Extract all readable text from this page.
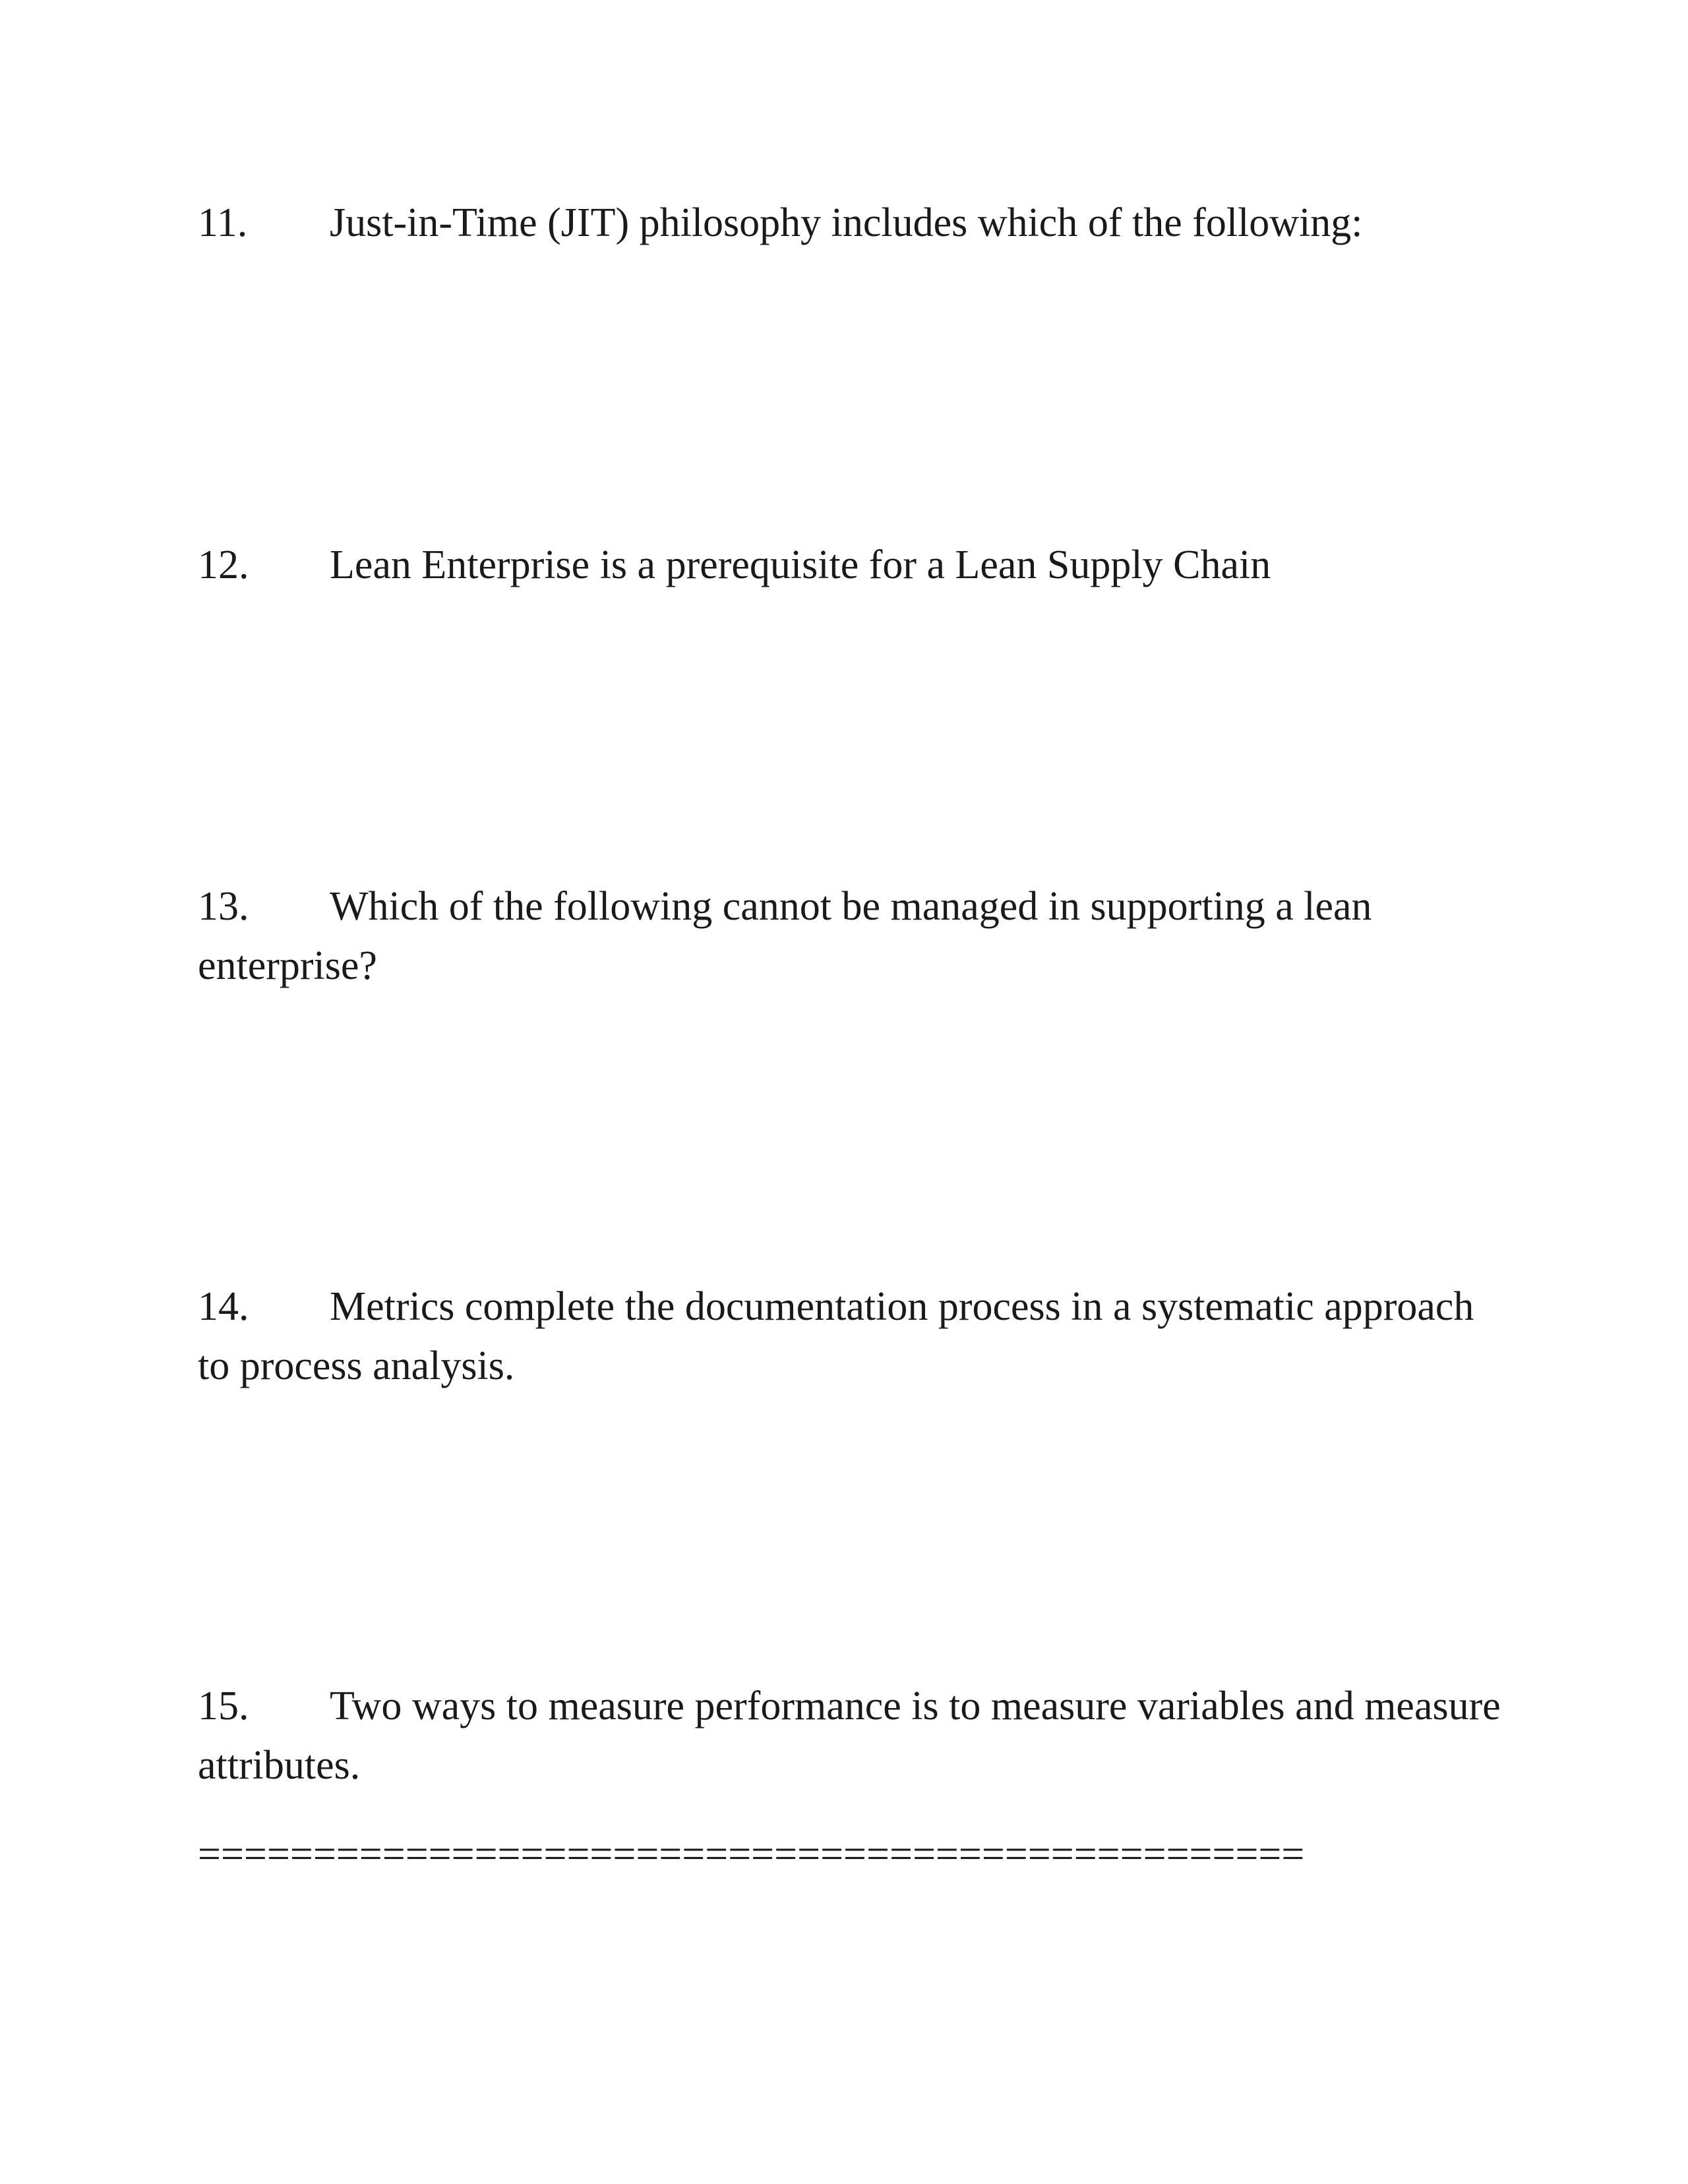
11. Just-in-Time (JIT) philosophy includes which of the following:

12. Lean Enterprise is a prerequisite for a Lean Supply Chain

13. Which of the following cannot be managed in supporting a lean enterprise?

14. Metrics complete the documentation process in a systematic approach to process analysis.

15. Two ways to measure performance is to measure variables and measure attributes.

================================================
